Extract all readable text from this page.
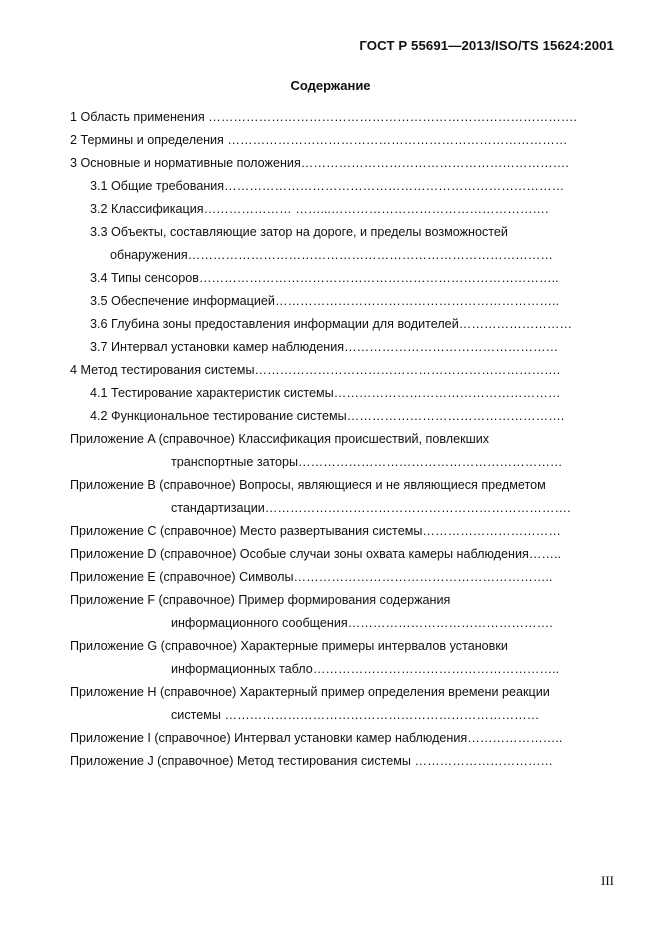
ГОСТ Р 55691—2013/ISO/TS 15624:2001
Содержание
1 Область применения …………………………………………………………………………….
2 Термины и определения ………………………………………………………………………
3 Основные и нормативные положения……………………………………………………….
3.1 Общие требования………………………………………………………………………
3.2 Классификация………………… ……...…………………………………………….
3.3 Объекты, составляющие затор на дороге, и пределы возможностей
обнаружения……………………………………………………………………………
3.4 Типы сенсоров…………………………………………………………………………..
3.5 Обеспечение информацией…………………………………………………………..
3.6 Глубина зоны предоставления информации для водителей………………………
3.7 Интервал установки камер наблюдения……………………………………………
4 Метод тестирования системы……………………………………………………………….
4.1 Тестирование характеристик системы………………………………………………
4.2 Функциональное тестирование системы…………………………………………….
Приложение A (справочное) Классификация происшествий, повлекших
транспортные заторы………………………………………………………
Приложение B (справочное) Вопросы, являющиеся и не являющиеся предметом
стандартизации……………………………………………………………….
Приложение C (справочное) Место развертывания системы……………………………
Приложение D (справочное) Особые случаи зоны охвата камеры наблюдения……..
Приложение E (справочное) Символы……………………………………………………..
Приложение F (справочное) Пример формирования содержания
информационного сообщения………………………………………….
Приложение G (справочное) Характерные примеры интервалов установки
информационных табло…………………………………………………..
Приложение H (справочное) Характерный пример определения времени реакции
системы …………………………………………………………………
Приложение I (справочное) Интервал установки камер наблюдения…………………..
Приложение J (справочное) Метод тестирования системы ……………………………
III
